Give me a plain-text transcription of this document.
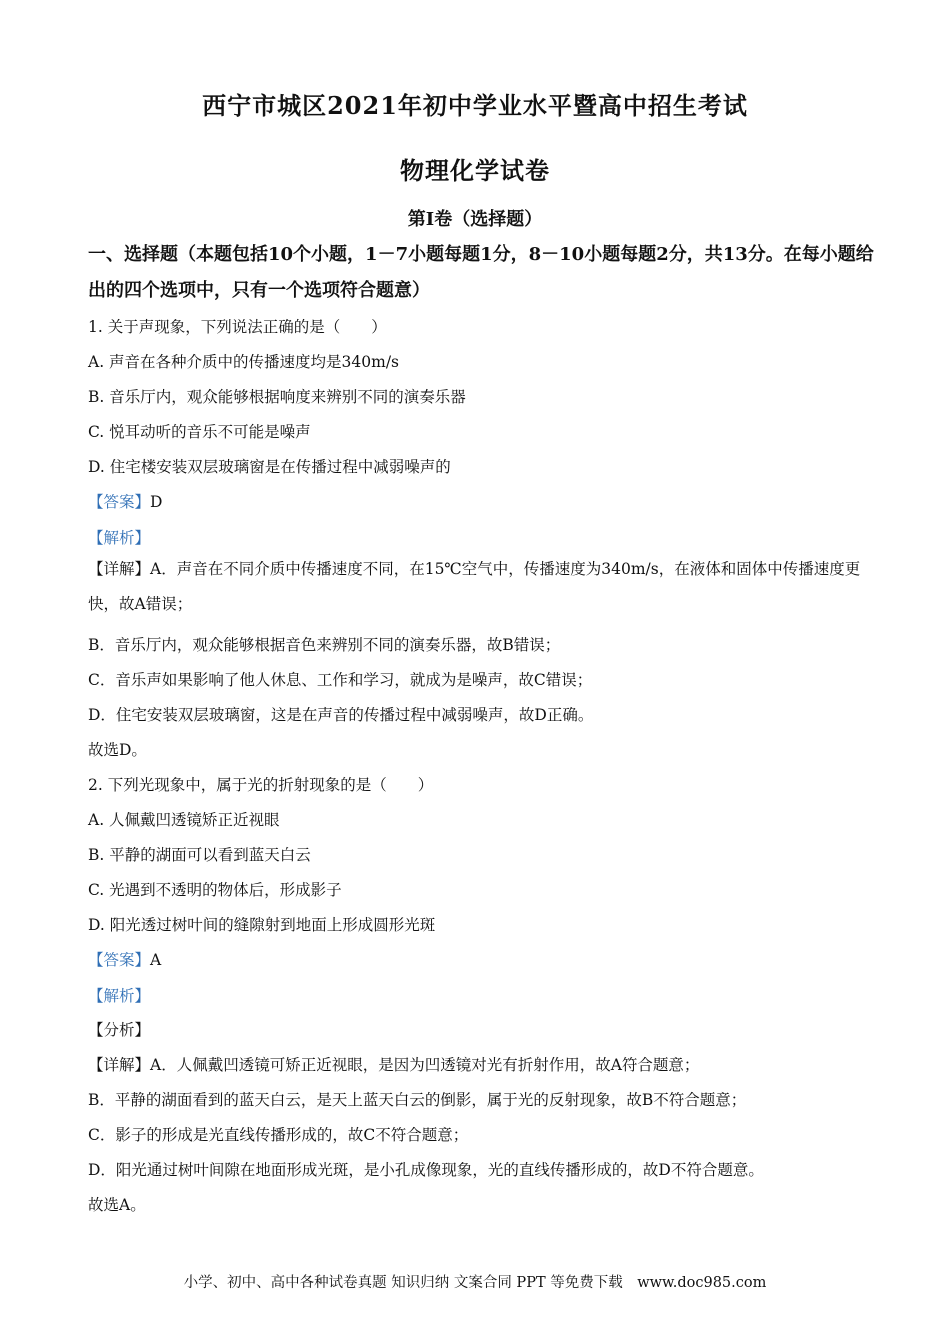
西宁市城区2021年初中学业水平暨高中招生考试
物理化学试卷
第Ⅰ卷（选择题）
一、选择题（本题包括10个小题，1－7小题每题1分，8－10小题每题2分，共13分。在每小题给出的四个选项中，只有一个选项符合题意）
1. 关于声现象，下列说法正确的是（　　）
A. 声音在各种介质中的传播速度均是340m/s
B. 音乐厅内，观众能够根据响度来辨别不同的演奏乐器
C. 悦耳动听的音乐不可能是噪声
D. 住宅楼安装双层玻璃窗是在传播过程中减弱噪声的
【答案】D
【解析】
【详解】A．声音在不同介质中传播速度不同，在15℃空气中，传播速度为340m/s，在液体和固体中传播速度更快，故A错误；
B．音乐厅内，观众能够根据音色来辨别不同的演奏乐器，故B错误；
C．音乐声如果影响了他人休息、工作和学习，就成为是噪声，故C错误；
D．住宅安装双层玻璃窗，这是在声音的传播过程中减弱噪声，故D正确。
故选D。
2. 下列光现象中，属于光的折射现象的是（　　）
A. 人佩戴凹透镜矫正近视眼
B. 平静的湖面可以看到蓝天白云
C. 光遇到不透明的物体后，形成影子
D. 阳光透过树叶间的缝隙射到地面上形成圆形光斑
【答案】A
【解析】
【分析】
【详解】A．人佩戴凹透镜可矫正近视眼，是因为凹透镜对光有折射作用，故A符合题意；
B．平静的湖面看到的蓝天白云，是天上蓝天白云的倒影，属于光的反射现象，故B不符合题意；
C．影子的形成是光直线传播形成的，故C不符合题意；
D．阳光通过树叶间隙在地面形成光斑，是小孔成像现象，光的直线传播形成的，故D不符合题意。
故选A。
小学、初中、高中各种试卷真题 知识归纳 文案合同 PPT 等免费下载　www.doc985.com
